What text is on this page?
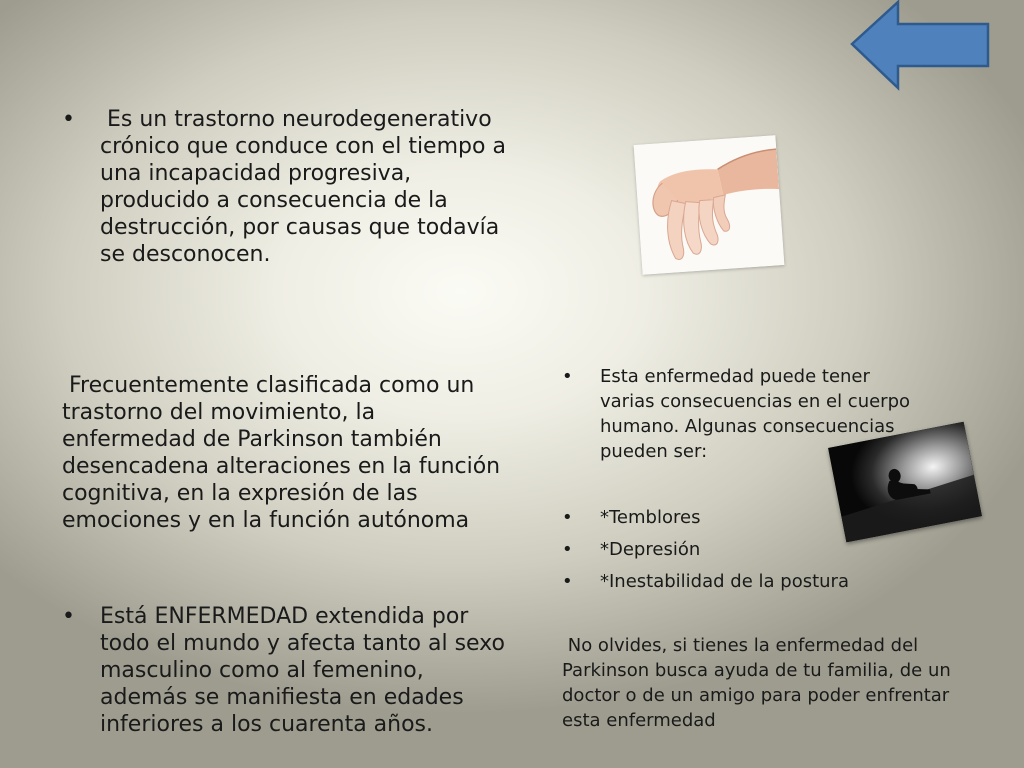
•	Es un trastorno neurodegenerativo crónico que conduce con el tiempo a una incapacidad progresiva, producido a consecuencia de la destrucción, por causas que todavía se desconocen.
Frecuentemente clasificada como un trastorno del movimiento, la enfermedad de Parkinson también desencadena alteraciones en la función cognitiva, en la expresión de las emociones y en la función autónoma
•	Está ENFERMEDAD extendida por todo el mundo y afecta tanto al sexo masculino como al femenino, además se manifiesta en edades inferiores a los cuarenta años.
•	Esta enfermedad puede tener varias consecuencias en el cuerpo humano. Algunas consecuencias pueden ser:
•	*Temblores
•	*Depresión
•	*Inestabilidad de la postura
No olvides, si tienes la enfermedad del Parkinson busca ayuda de tu familia, de un doctor o de un amigo para poder enfrentar esta enfermedad
